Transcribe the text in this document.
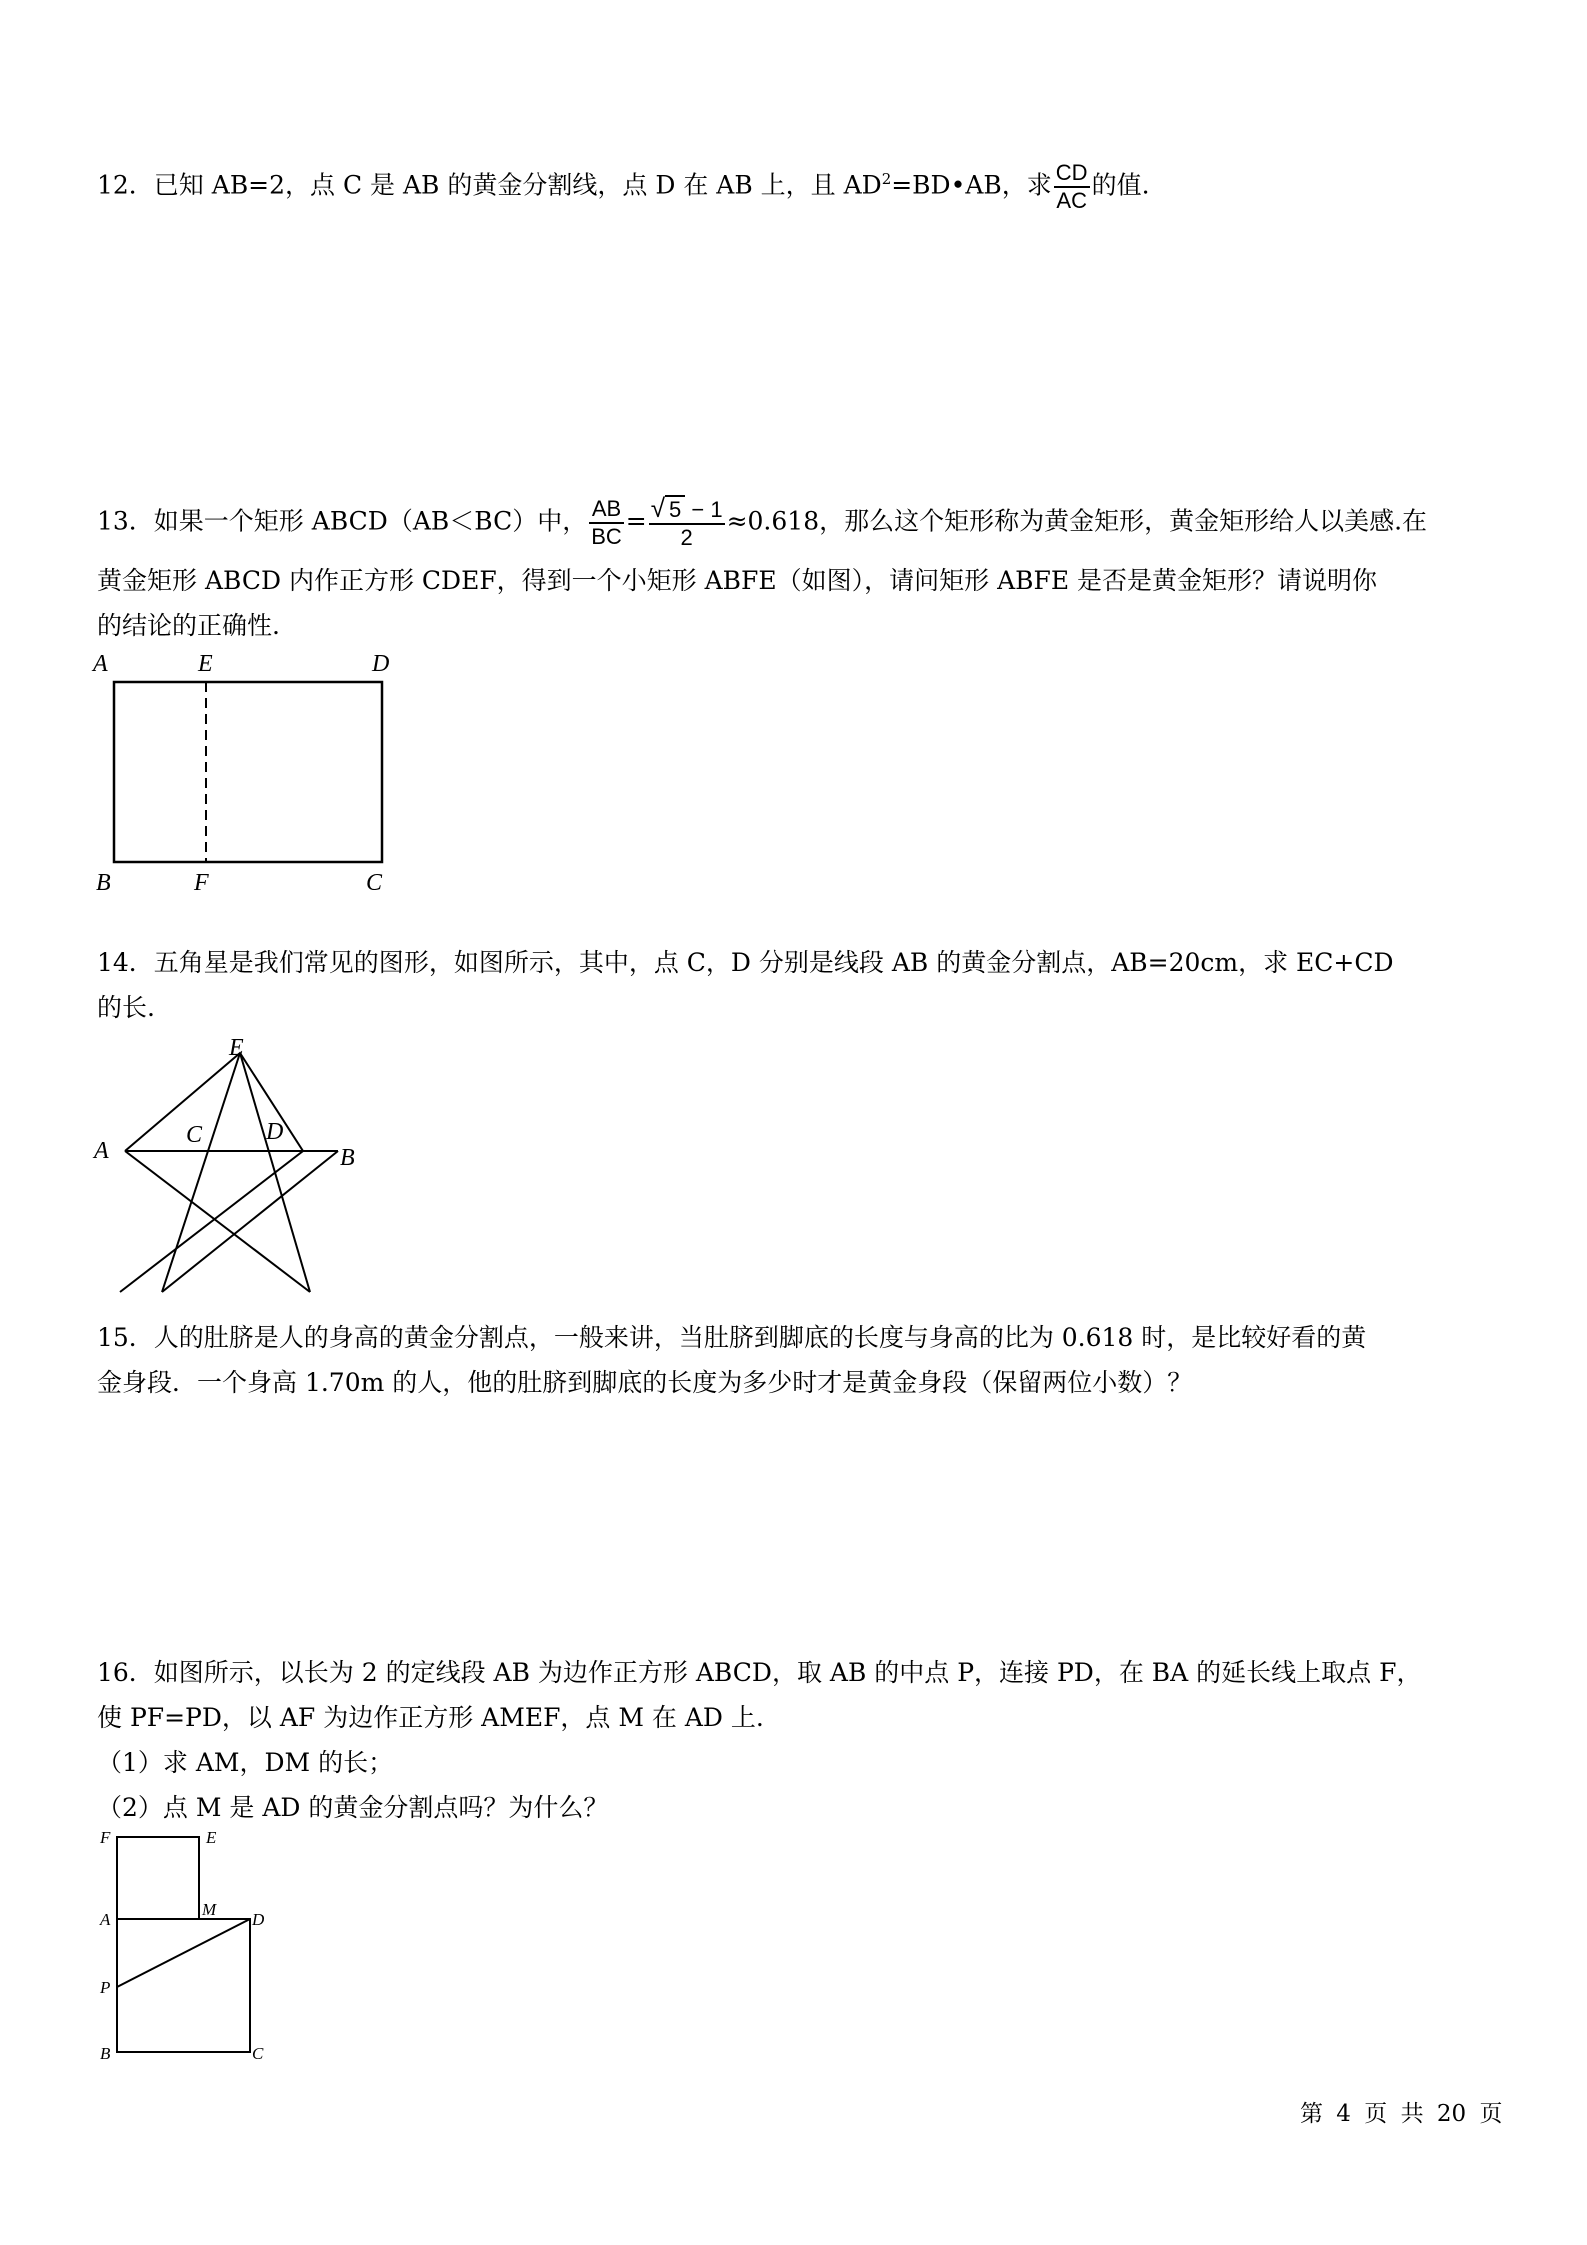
12．已知 AB=2，点 C 是 AB 的黄金分割线，点 D 在 AB 上，且 $AD^2=BD•AB$，求 $\frac{CD}{AC}$ 的值.

13．如果一个矩形 ABCD（AB＜BC）中， $\frac{AB}{BC} = \frac{√ 5 - 1}{2} \approx 0.618$，那么这个矩形称为黄金矩形，黄金矩形给人以美感.在

黄金矩形 ABCD 内作正方形 CDEF，得到一个小矩形 ABFE（如图），请问矩形 ABFE 是否是黄金矩形？请说明你

的结论的正确性.

A	E	D
B	F	C

14．五角星是我们常见的图形，如图所示，其中，点 C，D 分别是线段 AB 的黄金分割点，AB=20cm，求 EC+CD

的长.

E
C	D
A	B

15．人的肚脐是人的身高的黄金分割点，一般来讲，当肚脐到脚底的长度与身高的比为 0.618 时，是比较好看的黄

金身段．一个身高 1.70m 的人，他的肚脐到脚底的长度为多少时才是黄金身段（保留两位小数）？

16．如图所示，以长为 2 的定线段 AB 为边作正方形 ABCD，取 AB 的中点 P，连接 PD，在 BA 的延长线上取点 F，

使 PF=PD，以 AF 为边作正方形 AMEF，点 M 在 AD 上.

（1）求 AM，DM 的长；

（2）点 M 是 AD 的黄金分割点吗？为什么？

F	E
M
A	D
P
B	C
第 4 页 共 20 页
